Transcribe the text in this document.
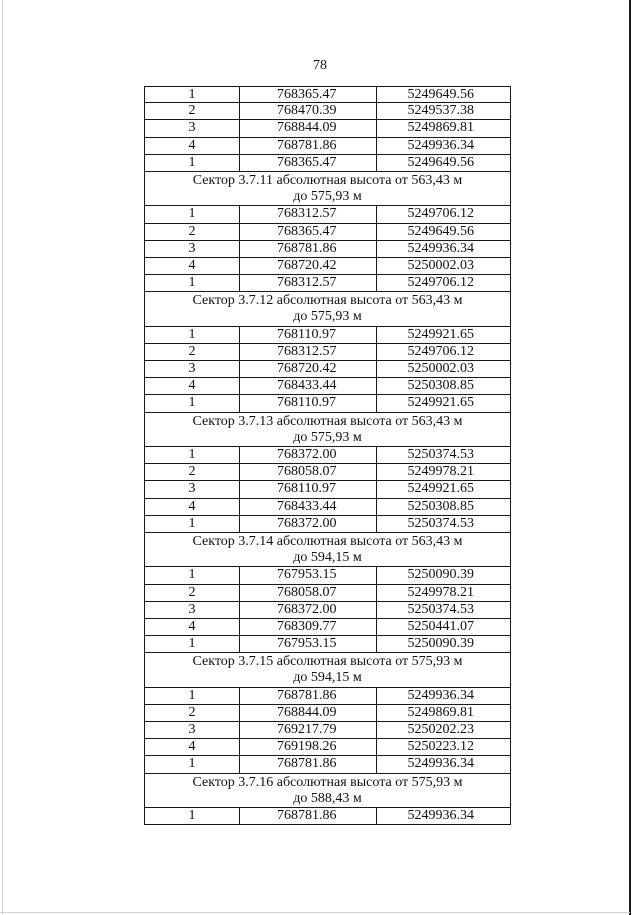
78
1	768365.47	5249649.56
2	768470.39	5249537.38
3	768844.09	5249869.81
4	768781.86	5249936.34
1	768365.47	5249649.56
Сектор 3.7.11 абсолютная высота от 563,43 м
до 575,93 м
1	768312.57	5249706.12
2	768365.47	5249649.56
3	768781.86	5249936.34
4	768720.42	5250002.03
1	768312.57	5249706.12
Сектор 3.7.12 абсолютная высота от 563,43 м
до 575,93 м
1	768110.97	5249921.65
2	768312.57	5249706.12
3	768720.42	5250002.03
4	768433.44	5250308.85
1	768110.97	5249921.65
Сектор 3.7.13 абсолютная высота от 563,43 м
до 575,93 м
1	768372.00	5250374.53
2	768058.07	5249978.21
3	768110.97	5249921.65
4	768433.44	5250308.85
1	768372.00	5250374.53
Сектор 3.7.14 абсолютная высота от 563,43 м
до 594,15 м
1	767953.15	5250090.39
2	768058.07	5249978.21
3	768372.00	5250374.53
4	768309.77	5250441.07
1	767953.15	5250090.39
Сектор 3.7.15 абсолютная высота от 575,93 м
до 594,15 м
1	768781.86	5249936.34
2	768844.09	5249869.81
3	769217.79	5250202.23
4	769198.26	5250223.12
1	768781.86	5249936.34
Сектор 3.7.16 абсолютная высота от 575,93 м
до 588,43 м
1	768781.86	5249936.34
